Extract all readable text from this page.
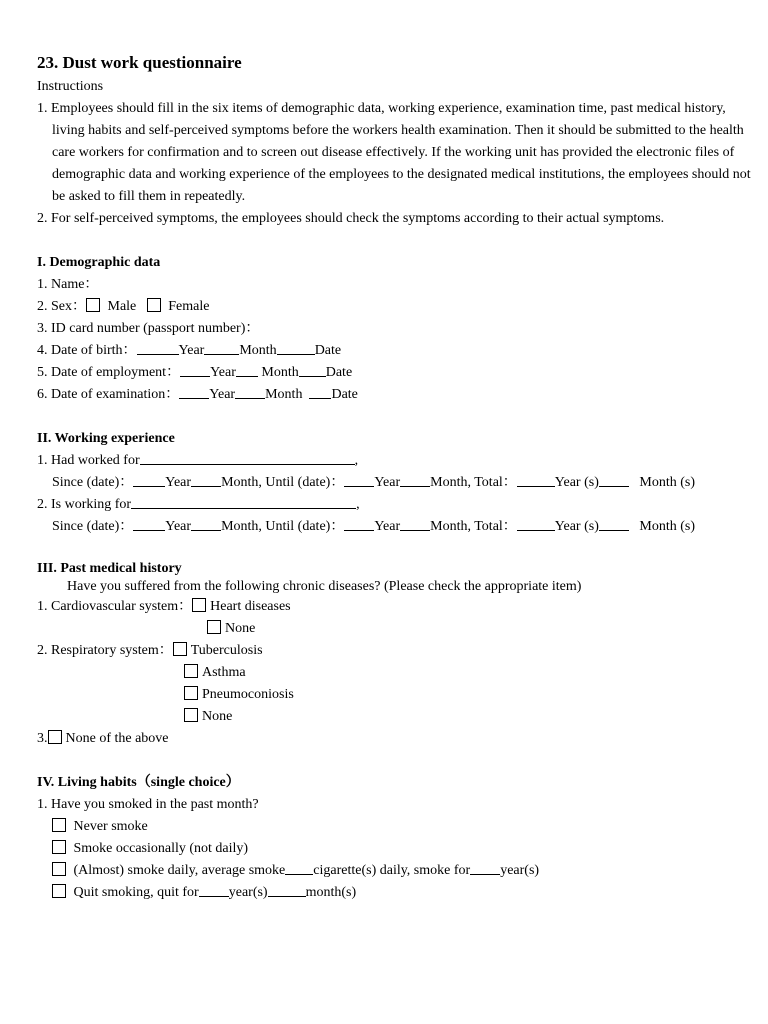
23. Dust work questionnaire

Instructions

1. Employees should fill in the six items of demographic data, working experience, examination time, past medical history, living habits and self-perceived symptoms before the workers health examination. Then it should be submitted to the health care workers for confirmation and to screen out disease effectively. If the working unit has provided the electronic files of demographic data and working experience of the employees to the designated medical institutions, the employees should not be asked to fill them in repeatedly.

2. For self-perceived symptoms, the employees should check the symptoms according to their actual symptoms.

I. Demographic data
1. Name：
2. Sex： Male Female
3. ID card number (passport number)：
4. Date of birth：	Year	Month	Date
5. Date of employment： Year Month Date
6. Date of examination： Year Month Date
II. Working experience
1. Had worked for	,
Since (date)： Year Month, Until (date)： Year Month, Total：	Year (s)	Month (s)
2. Is working for	,
Since (date)： Year Month, Until (date)： Year Month, Total：	Year (s)	Month (s)
III. Past medical history
Have you suffered from the following chronic diseases? (Please check the appropriate item)
1. Cardiovascular system： Heart diseases
None
2. Respiratory system： Tuberculosis
Asthma
Pneumoconiosis
None
3. None of the above
IV. Living habits（single choice）
1. Have you smoked in the past month?
Never smoke
Smoke occasionally (not daily)
(Almost) smoke daily, average smoke cigarette(s) daily, smoke for year(s)
Quit smoking, quit for year(s)	month(s)
